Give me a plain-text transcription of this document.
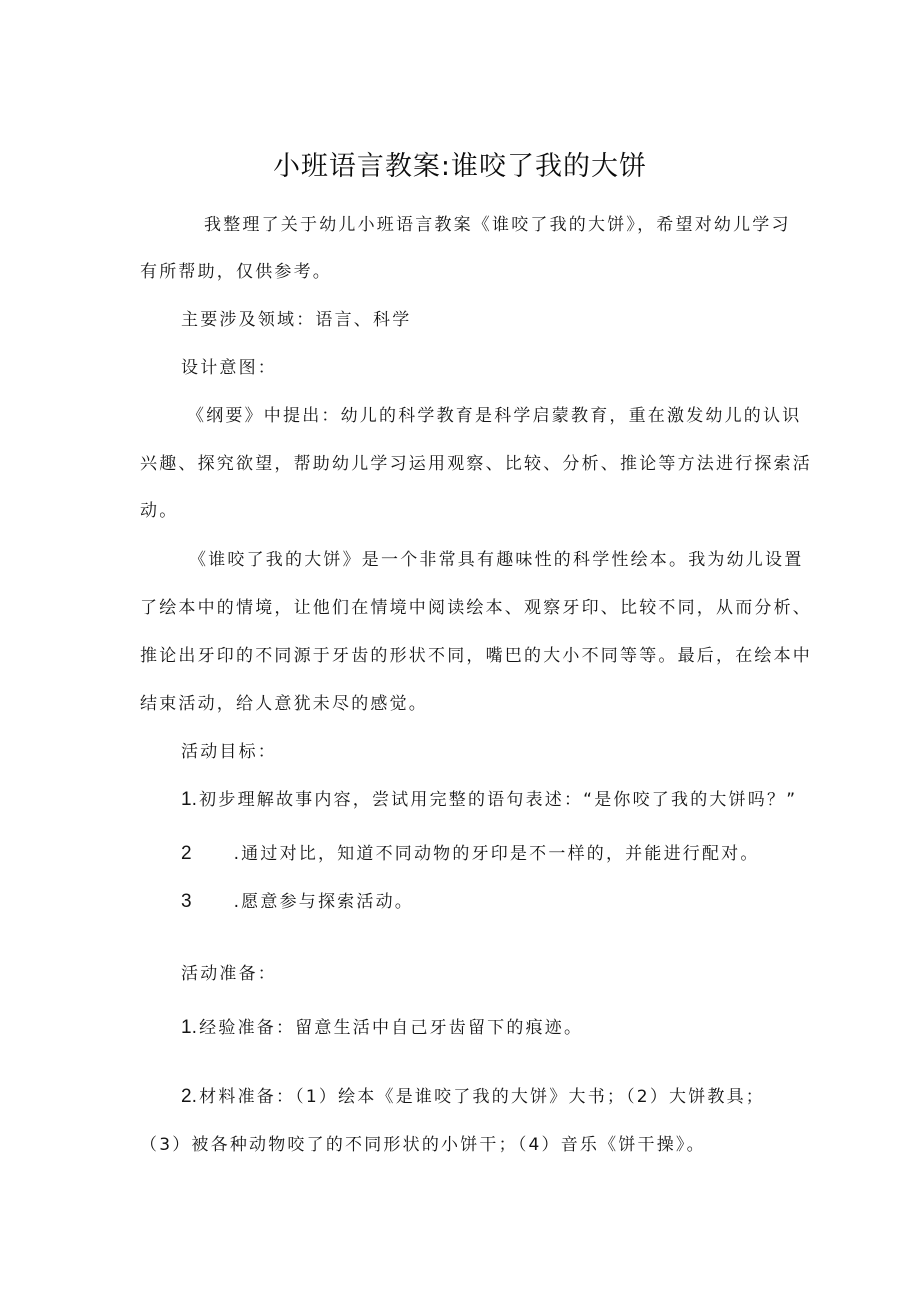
小班语言教案:谁咬了我的大饼
我整理了关于幼儿小班语言教案《谁咬了我的大饼》，希望对幼儿学习
有所帮助，仅供参考。
主要涉及领域：语言、科学
设计意图：
《纲要》中提出：幼儿的科学教育是科学启蒙教育，重在激发幼儿的认识
兴趣、探究欲望，帮助幼儿学习运用观察、比较、分析、推论等方法进行探索活
动。
《谁咬了我的大饼》是一个非常具有趣味性的科学性绘本。我为幼儿设置
了绘本中的情境，让他们在情境中阅读绘本、观察牙印、比较不同，从而分析、
推论出牙印的不同源于牙齿的形状不同，嘴巴的大小不同等等。最后，在绘本中
结束活动，给人意犹未尽的感觉。
活动目标：
1.初步理解故事内容，尝试用完整的语句表述：“是你咬了我的大饼吗？”
2 .通过对比，知道不同动物的牙印是不一样的，并能进行配对。
3 .愿意参与探索活动。
活动准备：
1.经验准备：留意生活中自己牙齿留下的痕迹。
2.材料准备：（1）绘本《是谁咬了我的大饼》大书；（2）大饼教具；
（3）被各种动物咬了的不同形状的小饼干；（4）音乐《饼干操》。
